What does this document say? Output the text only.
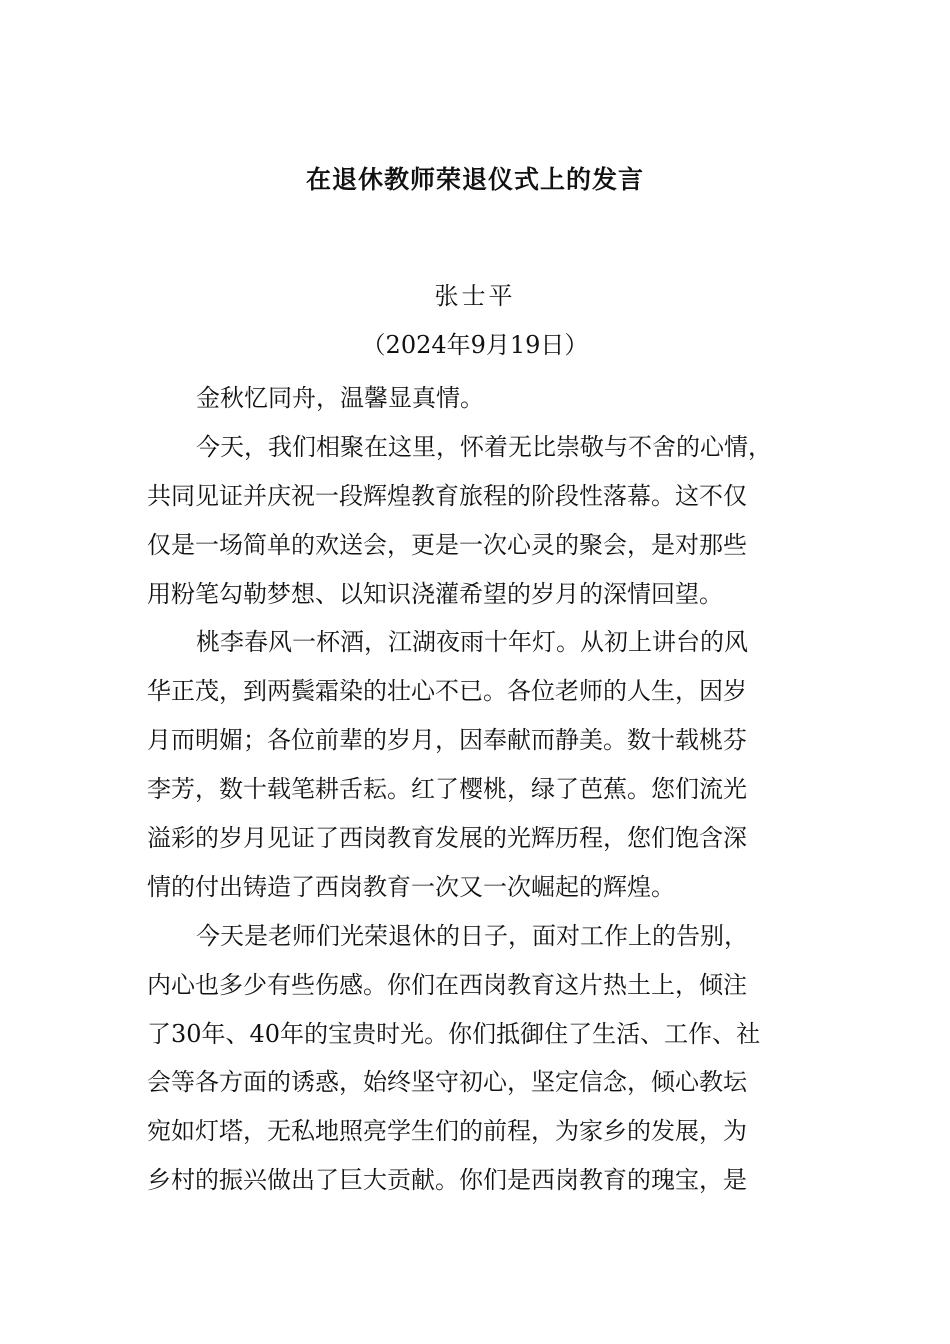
在退休教师荣退仪式上的发言
张士平
（2024年9月19日）
金秋忆同舟，温馨显真情。
今天，我们相聚在这里，怀着无比崇敬与不舍的心情，
共同见证并庆祝一段辉煌教育旅程的阶段性落幕。这不仅
仅是一场简单的欢送会，更是一次心灵的聚会，是对那些
用粉笔勾勒梦想、以知识浇灌希望的岁月的深情回望。
桃李春风一杯酒，江湖夜雨十年灯。从初上讲台的风
华正茂，到两鬓霜染的壮心不已。各位老师的人生，因岁
月而明媚；各位前辈的岁月，因奉献而静美。数十载桃芬
李芳，数十载笔耕舌耘。红了樱桃，绿了芭蕉。您们流光
溢彩的岁月见证了西岗教育发展的光辉历程，您们饱含深
情的付出铸造了西岗教育一次又一次崛起的辉煌。
今天是老师们光荣退休的日子，面对工作上的告别，
内心也多少有些伤感。你们在西岗教育这片热土上，倾注
了30年、40年的宝贵时光。你们抵御住了生活、工作、社
会等各方面的诱惑，始终坚守初心，坚定信念，倾心教坛
宛如灯塔，无私地照亮学生们的前程，为家乡的发展，为
乡村的振兴做出了巨大贡献。你们是西岗教育的瑰宝，是
